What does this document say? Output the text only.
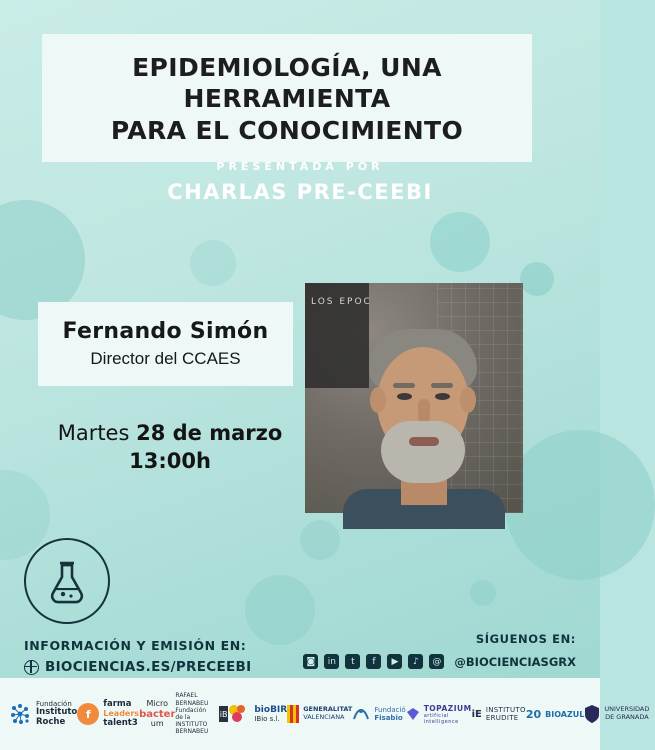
EPIDEMIOLOGÍA, UNA HERRAMIENTA
PARA EL CONOCIMIENTO
PRESENTADA POR
CHARLAS PRE-CEEBI
Fernando Simón
Director del CCAES
Martes 28 de marzo
13:00h
LOS EPOC
INFORMACIÓN Y EMISIÓN EN:
BIOCIENCIAS.ES/PRECEEBI
SÍGUENOS EN:
◙	in	t	f	▶	♪	@ @BIOCIENCIASGRX
Fundación
Instituto Roche
f
farma
Leaders
talent3
Micro
bacter
um
RAFAEL BERNABEU
Fundación de la
INSTITUTO BERNABEU
iB	bioBIR
IBio s.l.
GENERALITAT
VALENCIANA
Fundació
Fisabio
TOPAZIUM
artificial intelligence
iE INSTITUTO ERUDITE 20 BIOAZUL
UNIVERSIDAD
DE GRANADA
